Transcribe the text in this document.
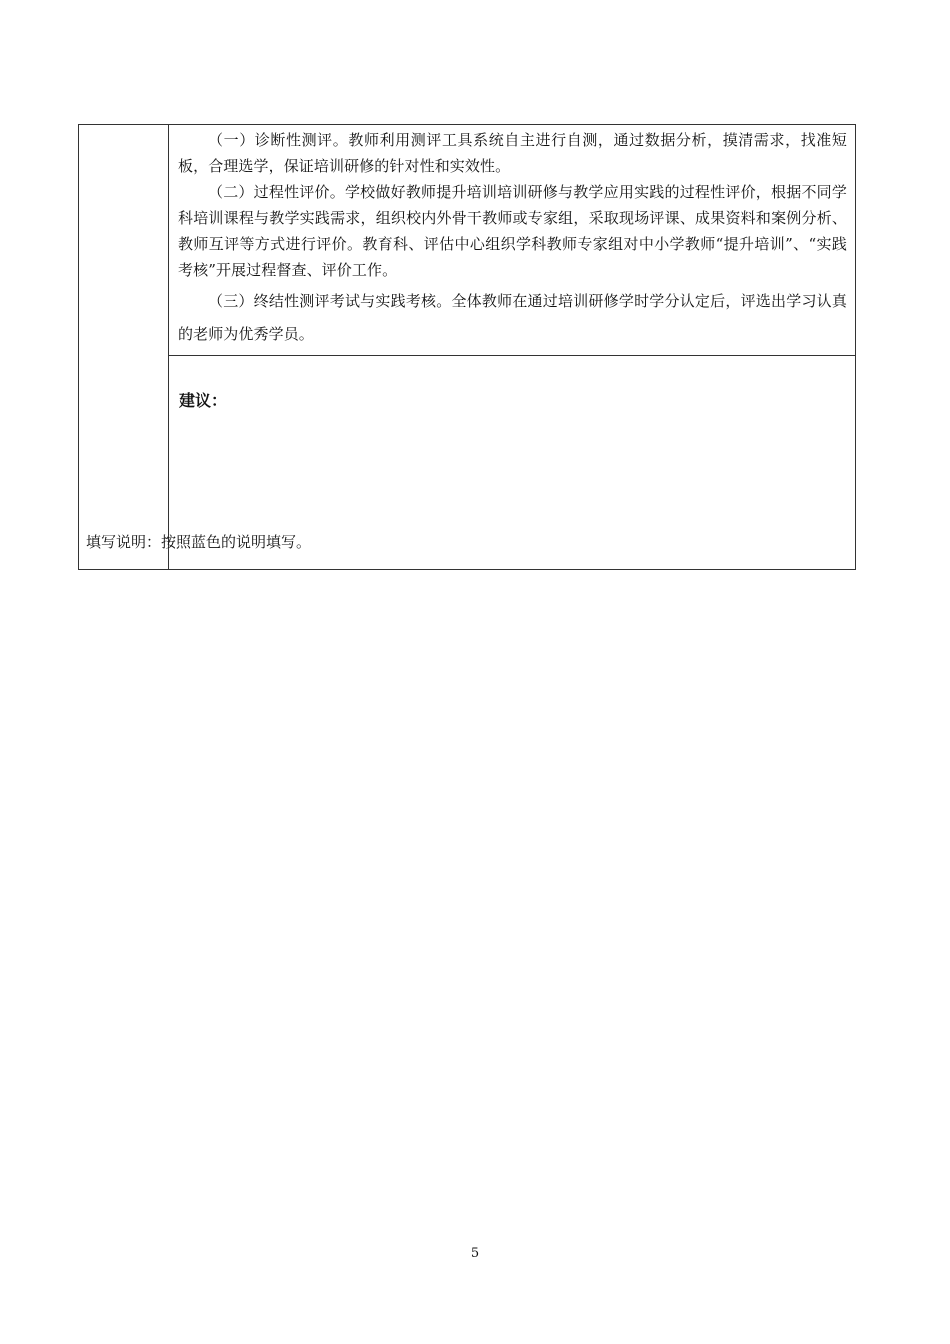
（一）诊断性测评。教师利用测评工具系统自主进行自测，通过数据分析，摸清需求，找准短板，合理选学，保证培训研修的针对性和实效性。

（二）过程性评价。学校做好教师提升培训培训研修与教学应用实践的过程性评价，根据不同学科培训课程与教学实践需求，组织校内外骨干教师或专家组，采取现场评课、成果资料和案例分析、教师互评等方式进行评价。教育科、评估中心组织学科教师专家组对中小学教师“提升培训”、“实践考核”开展过程督查、评价工作。

（三）终结性测评考试与实践考核。全体教师在通过培训研修学时学分认定后，评选出学习认真的老师为优秀学员。

建议：

填写说明：按照蓝色的说明填写。

5
